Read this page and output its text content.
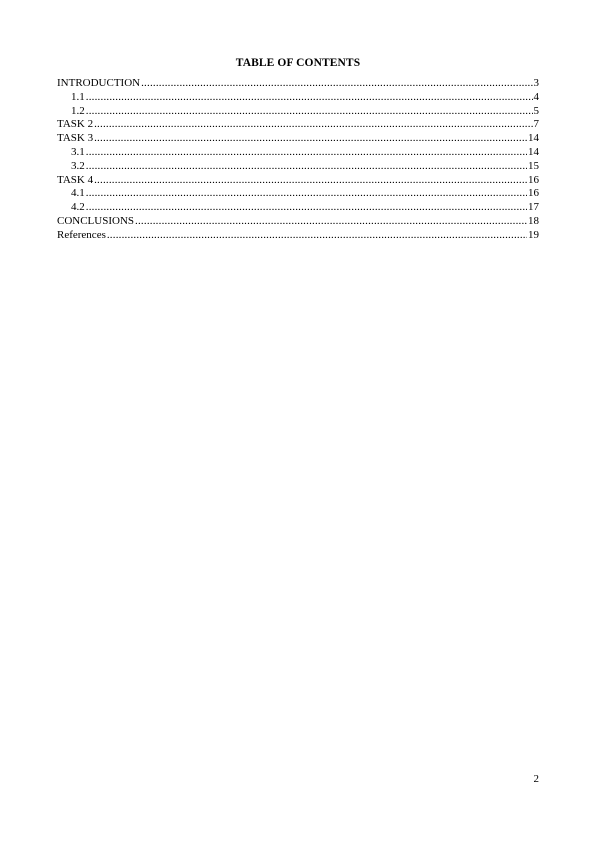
TABLE OF CONTENTS
INTRODUCTION .....	3
1.1 .....	4
1.2 .....	5
TASK 2 .....	7
TASK 3 .....	14
3.1 .....	14
3.2 .....	15
TASK 4 .....	16
4.1 .....	16
4.2 .....	17
CONCLUSIONS .....	18
References .....	19
2
